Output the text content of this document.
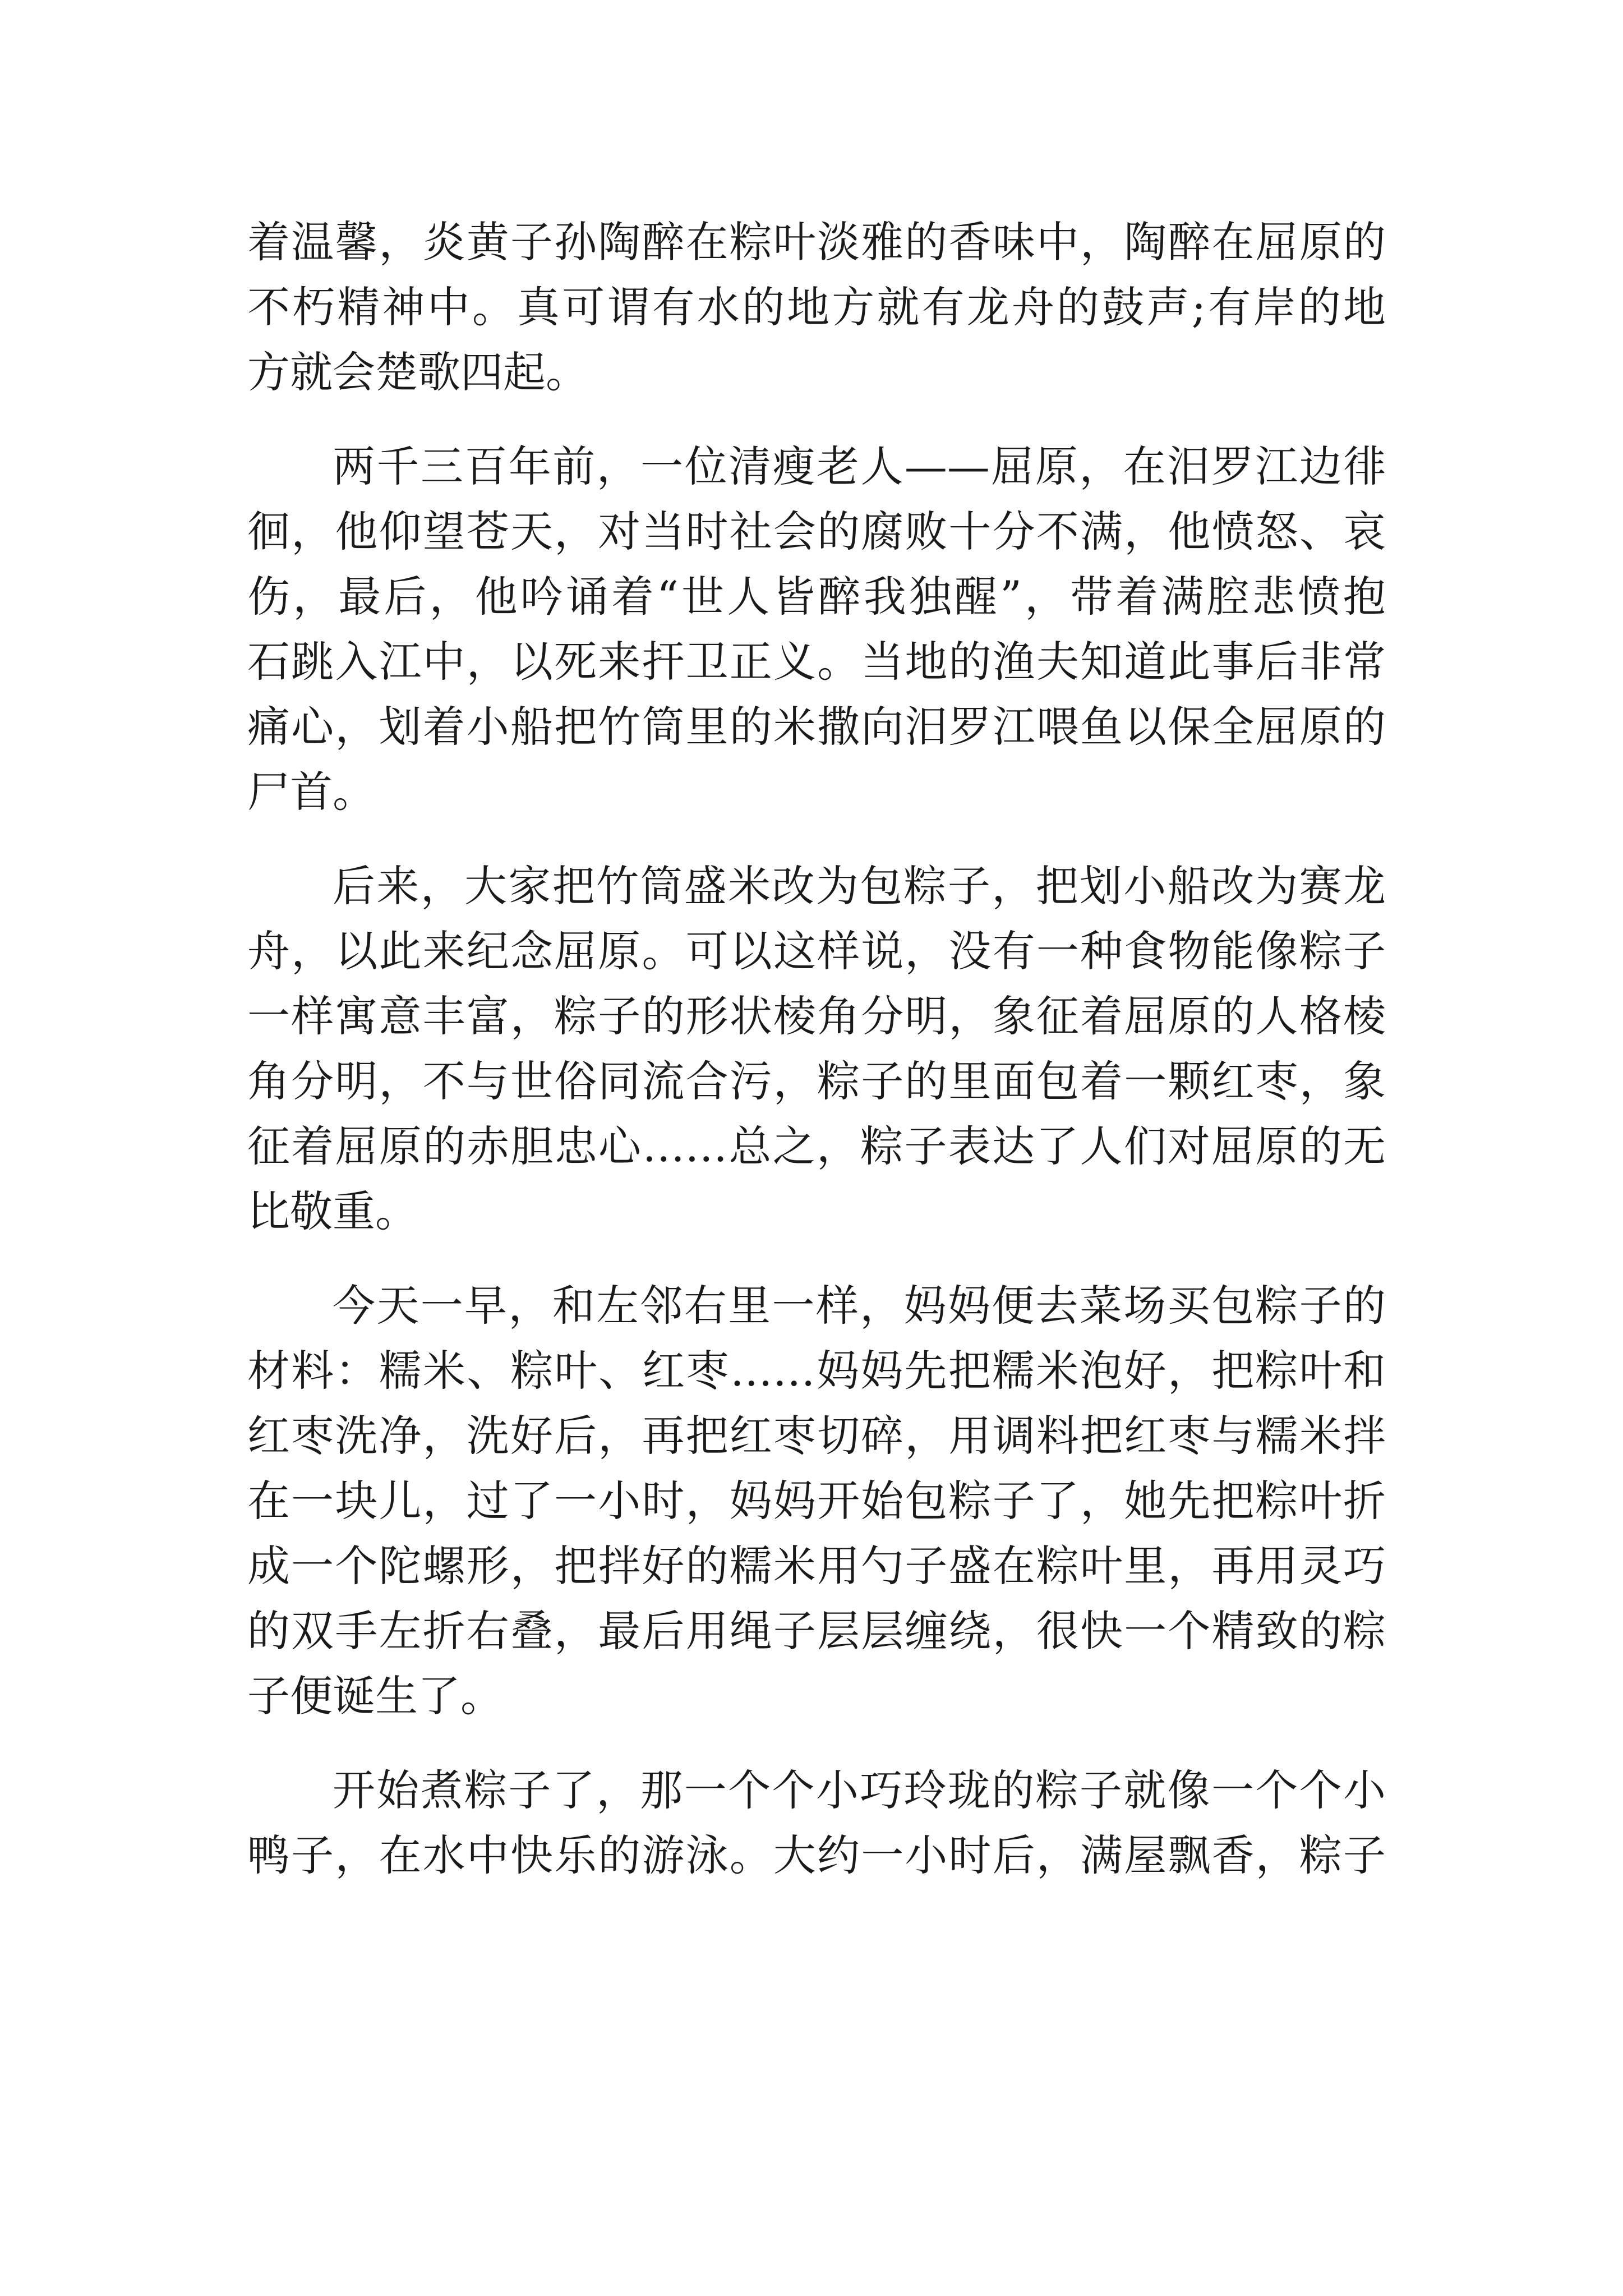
着温馨，炎黄子孙陶醉在粽叶淡雅的香味中，陶醉在屈原的
不朽精神中。真可谓有水的地方就有龙舟的鼓声;有岸的地
方就会楚歌四起。
两千三百年前，一位清瘦老人——屈原，在汨罗江边徘
徊，他仰望苍天，对当时社会的腐败十分不满，他愤怒、哀
伤，最后，他吟诵着“世人皆醉我独醒”，带着满腔悲愤抱
石跳入江中，以死来扞卫正义。当地的渔夫知道此事后非常
痛心，划着小船把竹筒里的米撒向汨罗江喂鱼以保全屈原的
尸首。
后来，大家把竹筒盛米改为包粽子，把划小船改为赛龙
舟，以此来纪念屈原。可以这样说，没有一种食物能像粽子
一样寓意丰富，粽子的形状棱角分明，象征着屈原的人格棱
角分明，不与世俗同流合污，粽子的里面包着一颗红枣，象
征着屈原的赤胆忠心……总之，粽子表达了人们对屈原的无
比敬重。
今天一早，和左邻右里一样，妈妈便去菜场买包粽子的
材料：糯米、粽叶、红枣……妈妈先把糯米泡好，把粽叶和
红枣洗净，洗好后，再把红枣切碎，用调料把红枣与糯米拌
在一块儿，过了一小时，妈妈开始包粽子了，她先把粽叶折
成一个陀螺形，把拌好的糯米用勺子盛在粽叶里，再用灵巧
的双手左折右叠，最后用绳子层层缠绕，很快一个精致的粽
子便诞生了。
开始煮粽子了，那一个个小巧玲珑的粽子就像一个个小
鸭子，在水中快乐的游泳。大约一小时后，满屋飘香，粽子
